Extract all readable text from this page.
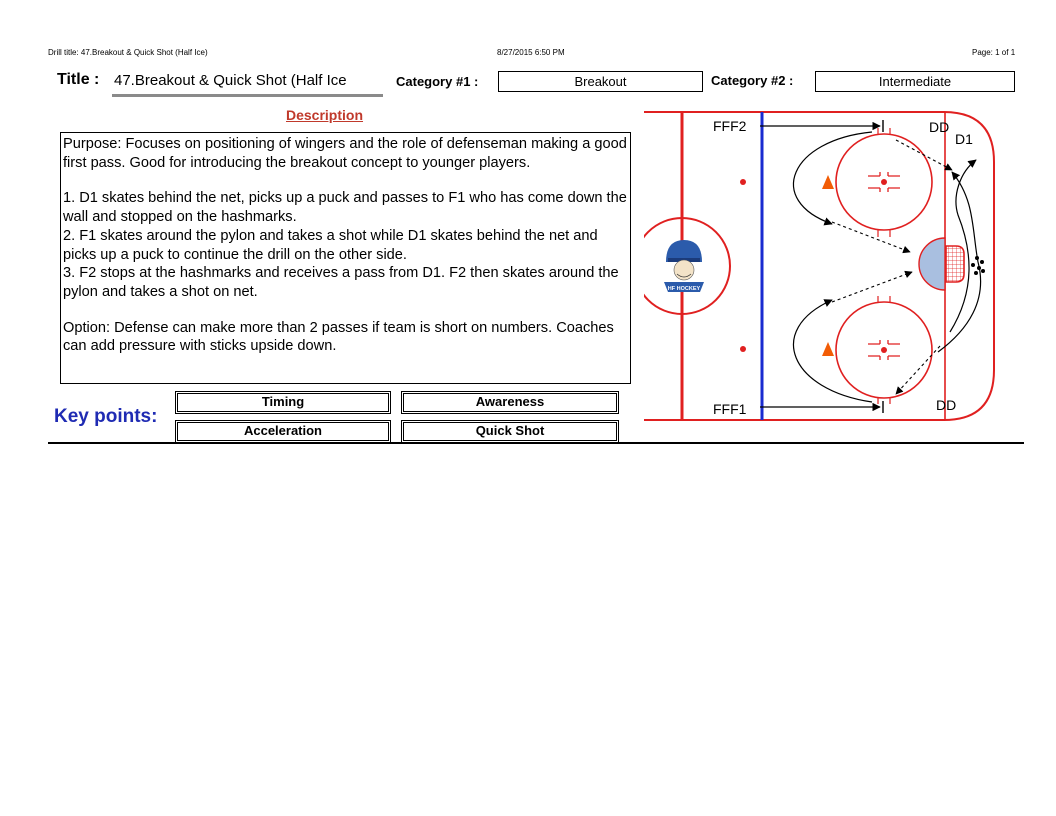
Drill title: 47.Breakout & Quick Shot (Half Ice)	8/27/2015 6:50 PM	Page: 1 of 1
Title : 47.Breakout & Quick Shot (Half Ice	Category #1 :	Breakout	Category #2 :	Intermediate
Description

Purpose: Focuses on positioning of wingers and the role of defenseman making a good first pass. Good for introducing the breakout concept to younger players.

1. D1 skates behind the net, picks up a puck and passes to F1 who has come down the wall and stopped on the hashmarks.

2. F1 skates around the pylon and takes a shot while D1 skates behind the net and picks up a puck to continue the drill on the other side.

3. F2 stops at the hashmarks and receives a pass from D1. F2 then skates around the pylon and takes a shot on net.

Option: Defense can make more than 2 passes if team is short on numbers. Coaches can add pressure with sticks upside down.

Key points:
Timing	Awareness
Acceleration	Quick Shot
FFF2
FFF1
DD
D1
DD
HF HOCKEY
